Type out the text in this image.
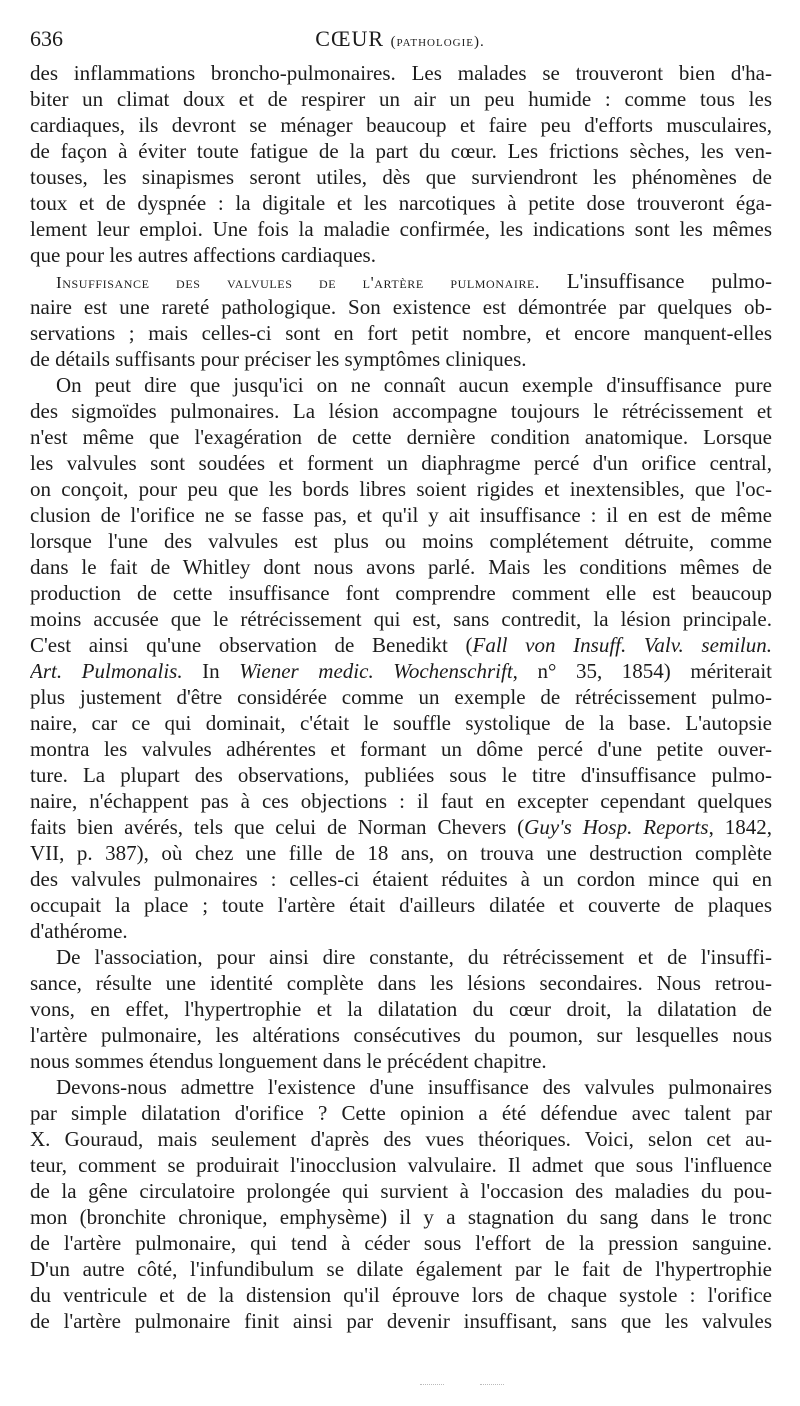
636	CŒUR (pathologie).
des inflammations broncho-pulmonaires. Les malades se trouveront bien d'ha-
biter un climat doux et de respirer un air un peu humide : comme tous les
cardiaques, ils devront se ménager beaucoup et faire peu d'efforts musculaires,
de façon à éviter toute fatigue de la part du cœur. Les frictions sèches, les ven-
touses, les sinapismes seront utiles, dès que surviendront les phénomènes de
toux et de dyspnée : la digitale et les narcotiques à petite dose trouveront éga-
lement leur emploi. Une fois la maladie confirmée, les indications sont les mêmes
que pour les autres affections cardiaques.
Insuffisance des valvules de l'artère pulmonaire. L'insuffisance pulmo-
naire est une rareté pathologique. Son existence est démontrée par quelques ob-
servations ; mais celles-ci sont en fort petit nombre, et encore manquent-elles
de détails suffisants pour préciser les symptômes cliniques.
On peut dire que jusqu'ici on ne connaît aucun exemple d'insuffisance pure
des sigmoïdes pulmonaires. La lésion accompagne toujours le rétrécissement et
n'est même que l'exagération de cette dernière condition anatomique. Lorsque
les valvules sont soudées et forment un diaphragme percé d'un orifice central,
on conçoit, pour peu que les bords libres soient rigides et inextensibles, que l'oc-
clusion de l'orifice ne se fasse pas, et qu'il y ait insuffisance : il en est de même
lorsque l'une des valvules est plus ou moins complétement détruite, comme
dans le fait de Whitley dont nous avons parlé. Mais les conditions mêmes de
production de cette insuffisance font comprendre comment elle est beaucoup
moins accusée que le rétrécissement qui est, sans contredit, la lésion principale.
C'est ainsi qu'une observation de Benedikt (Fall von Insuff. Valv. semilun.
Art. Pulmonalis. In Wiener medic. Wochenschrift, n° 35, 1854) mériterait
plus justement d'être considérée comme un exemple de rétrécissement pulmo-
naire, car ce qui dominait, c'était le souffle systolique de la base. L'autopsie
montra les valvules adhérentes et formant un dôme percé d'une petite ouver-
ture. La plupart des observations, publiées sous le titre d'insuffisance pulmo-
naire, n'échappent pas à ces objections : il faut en excepter cependant quelques
faits bien avérés, tels que celui de Norman Chevers (Guy's Hosp. Reports, 1842,
VII, p. 387), où chez une fille de 18 ans, on trouva une destruction complète
des valvules pulmonaires : celles-ci étaient réduites à un cordon mince qui en
occupait la place ; toute l'artère était d'ailleurs dilatée et couverte de plaques
d'athérome.
De l'association, pour ainsi dire constante, du rétrécissement et de l'insuffi-
sance, résulte une identité complète dans les lésions secondaires. Nous retrou-
vons, en effet, l'hypertrophie et la dilatation du cœur droit, la dilatation de
l'artère pulmonaire, les altérations consécutives du poumon, sur lesquelles nous
nous sommes étendus longuement dans le précédent chapitre.
Devons-nous admettre l'existence d'une insuffisance des valvules pulmonaires
par simple dilatation d'orifice ? Cette opinion a été défendue avec talent par
X. Gouraud, mais seulement d'après des vues théoriques. Voici, selon cet au-
teur, comment se produirait l'inocclusion valvulaire. Il admet que sous l'influence
de la gêne circulatoire prolongée qui survient à l'occasion des maladies du pou-
mon (bronchite chronique, emphysème) il y a stagnation du sang dans le tronc
de l'artère pulmonaire, qui tend à céder sous l'effort de la pression sanguine.
D'un autre côté, l'infundibulum se dilate également par le fait de l'hypertrophie
du ventricule et de la distension qu'il éprouve lors de chaque systole : l'orifice
de l'artère pulmonaire finit ainsi par devenir insuffisant, sans que les valvules
